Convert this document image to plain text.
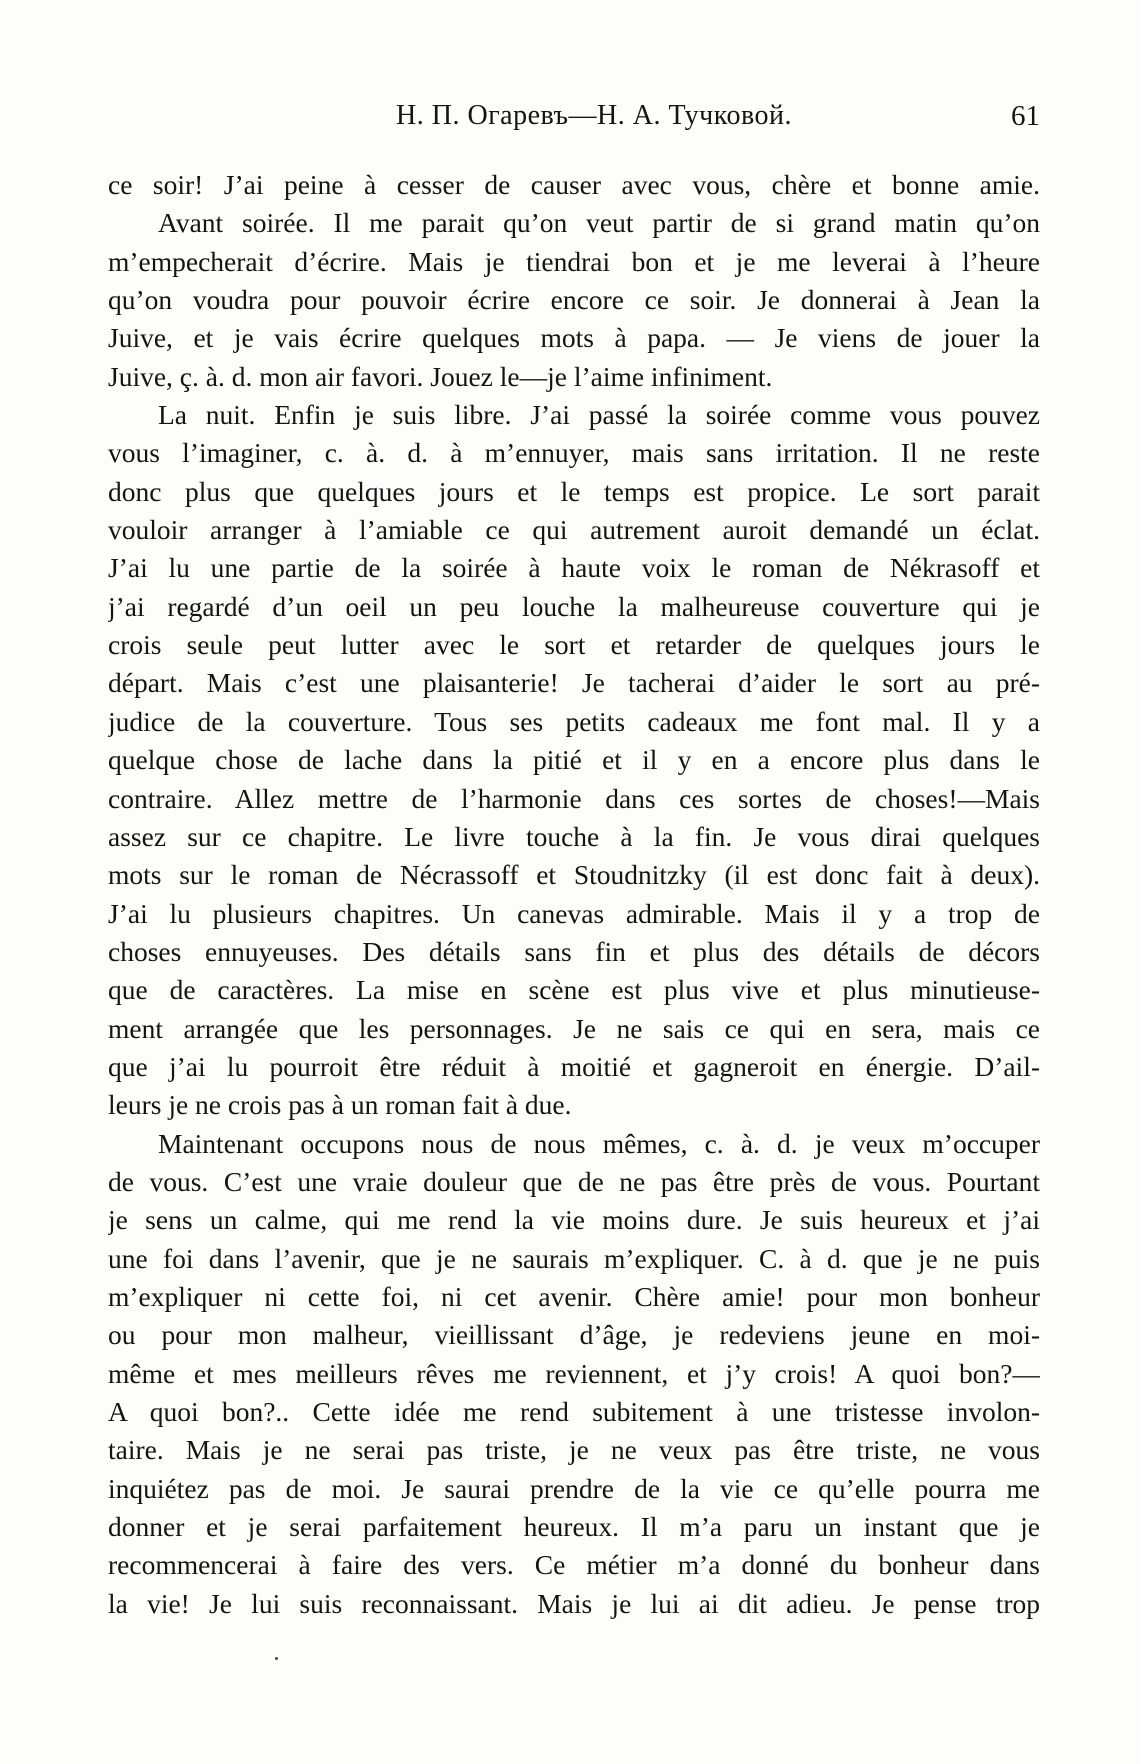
Н. П. Огаревъ—Н. А. Тучковой.	61
ce soir! J’ai peine à cesser de causer avec vous, chère et bonne amie.
Avant soirée. Il me parait qu’on veut partir de si grand matin qu’on
m’empecherait d’écrire. Mais je tiendrai bon et je me leverai à l’heure
qu’on voudra pour pouvoir écrire encore ce soir. Je donnerai à Jean la
Juive, et je vais écrire quelques mots à papa. — Je viens de jouer la
Juive, ç. à. d. mon air favori. Jouez le—je l’aime infiniment.
La nuit. Enfin je suis libre. J’ai passé la soirée comme vous pouvez
vous l’imaginer, c. à. d. à m’ennuyer, mais sans irritation. Il ne reste
donc plus que quelques jours et le temps est propice. Le sort parait
vouloir arranger à l’amiable ce qui autrement auroit demandé un éclat.
J’ai lu une partie de la soirée à haute voix le roman de Nékrasoff et
j’ai regardé d’un oeil un peu louche la malheureuse couverture qui je
crois seule peut lutter avec le sort et retarder de quelques jours le
départ. Mais c’est une plaisanterie! Je tacherai d’aider le sort au pré-
judice de la couverture. Tous ses petits cadeaux me font mal. Il y a
quelque chose de lache dans la pitié et il y en a encore plus dans le
contraire. Allez mettre de l’harmonie dans ces sortes de choses!—Mais
assez sur ce chapitre. Le livre touche à la fin. Je vous dirai quelques
mots sur le roman de Nécrassoff et Stoudnitzky (il est donc fait à deux).
J’ai lu plusieurs chapitres. Un canevas admirable. Mais il y a trop de
choses ennuyeuses. Des détails sans fin et plus des détails de décors
que de caractères. La mise en scène est plus vive et plus minutieuse-
ment arrangée que les personnages. Je ne sais ce qui en sera, mais ce
que j’ai lu pourroit être réduit à moitié et gagneroit en énergie. D’ail-
leurs je ne crois pas à un roman fait à due.
Maintenant occupons nous de nous mêmes, c. à. d. je veux m’occuper
de vous. C’est une vraie douleur que de ne pas être près de vous. Pourtant
je sens un calme, qui me rend la vie moins dure. Je suis heureux et j’ai
une foi dans l’avenir, que je ne saurais m’expliquer. C. à d. que je ne puis
m’expliquer ni cette foi, ni cet avenir. Chère amie! pour mon bonheur
ou pour mon malheur, vieillissant d’âge, je redeviens jeune en moi-
même et mes meilleurs rêves me reviennent, et j’y crois! A quoi bon?—
A quoi bon?.. Cette idée me rend subitement à une tristesse involon-
taire. Mais je ne serai pas triste, je ne veux pas être triste, ne vous
inquiétez pas de moi. Je saurai prendre de la vie ce qu’elle pourra me
donner et je serai parfaitement heureux. Il m’a paru un instant que je
recommencerai à faire des vers. Ce métier m’a donné du bonheur dans
la vie! Je lui suis reconnaissant. Mais je lui ai dit adieu. Je pense trop
